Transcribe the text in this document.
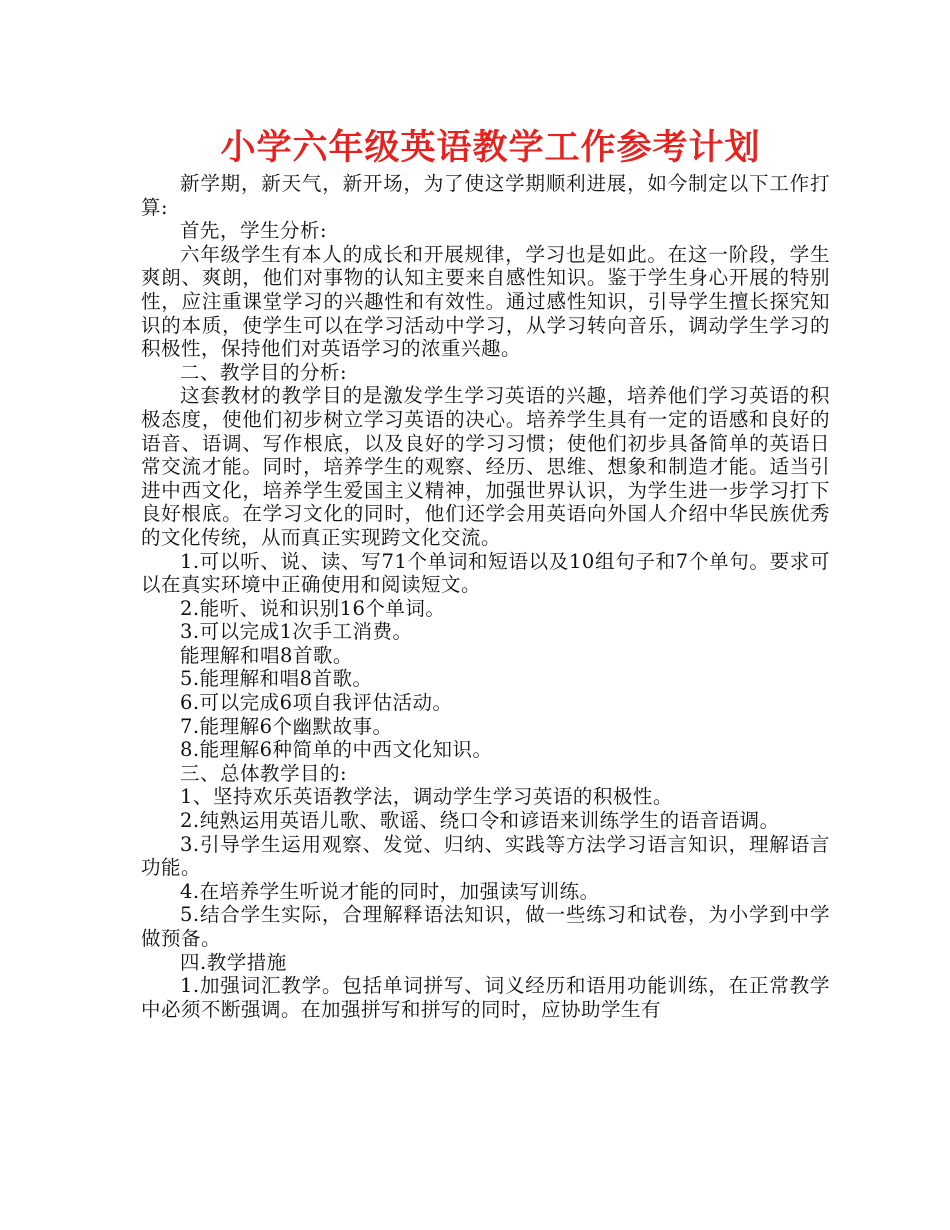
小学六年级英语教学工作参考计划

新学期，新天气，新开场，为了使这学期顺利进展，如今制定以下工作打算:

首先，学生分析:

六年级学生有本人的成长和开展规律，学习也是如此。在这一阶段，学生爽朗、爽朗，他们对事物的认知主要来自感性知识。鉴于学生身心开展的特别性，应注重课堂学习的兴趣性和有效性。通过感性知识，引导学生擅长探究知识的本质，使学生可以在学习活动中学习，从学习转向音乐，调动学生学习的积极性，保持他们对英语学习的浓重兴趣。

二、教学目的分析:

这套教材的教学目的是激发学生学习英语的兴趣，培养他们学习英语的积极态度，使他们初步树立学习英语的决心。培养学生具有一定的语感和良好的语音、语调、写作根底，以及良好的学习习惯；使他们初步具备简单的英语日常交流才能。同时，培养学生的观察、经历、思维、想象和制造才能。适当引进中西文化，培养学生爱国主义精神，加强世界认识，为学生进一步学习打下良好根底。在学习文化的同时，他们还学会用英语向外国人介绍中华民族优秀的文化传统，从而真正实现跨文化交流。

1.可以听、说、读、写71个单词和短语以及10组句子和7个单句。要求可以在真实环境中正确使用和阅读短文。

2.能听、说和识别16个单词。

3.可以完成1次手工消费。

能理解和唱8首歌。

5.能理解和唱8首歌。

6.可以完成6项自我评估活动。

7.能理解6个幽默故事。

8.能理解6种简单的中西文化知识。

三、总体教学目的:

1、坚持欢乐英语教学法，调动学生学习英语的积极性。

2.纯熟运用英语儿歌、歌谣、绕口令和谚语来训练学生的语音语调。

3.引导学生运用观察、发觉、归纳、实践等方法学习语言知识，理解语言功能。

4.在培养学生听说才能的同时，加强读写训练。

5.结合学生实际，合理解释语法知识，做一些练习和试卷，为小学到中学做预备。

四.教学措施

1.加强词汇教学。包括单词拼写、词义经历和语用功能训练，在正常教学中必须不断强调。在加强拼写和拼写的同时，应协助学生有
